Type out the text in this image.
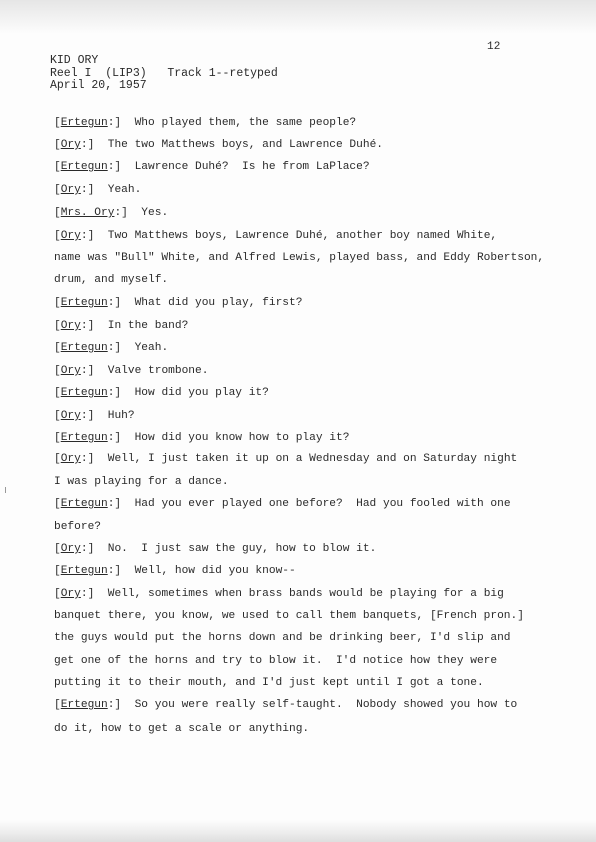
12
KID ORY
Reel I  (LIP3)   Track 1--retyped
April 20, 1957
[Ertegun:]  Who played them, the same people?
[Ory:]  The two Matthews boys, and Lawrence Duhé.
[Ertegun:]  Lawrence Duhé?  Is he from LaPlace?
[Ory:]  Yeah.
[Mrs. Ory:]  Yes.
[Ory:]  Two Matthews boys, Lawrence Duhé, another boy named White,
name was "Bull" White, and Alfred Lewis, played bass, and Eddy Robertson,
drum, and myself.
[Ertegun:]  What did you play, first?
[Ory:]  In the band?
[Ertegun:]  Yeah.
[Ory:]  Valve trombone.
[Ertegun:]  How did you play it?
[Ory:]  Huh?
[Ertegun:]  How did you know how to play it?
[Ory:]  Well, I just taken it up on a Wednesday and on Saturday night
I was playing for a dance.
[Ertegun:]  Had you ever played one before?  Had you fooled with one
before?
[Ory:]  No.  I just saw the guy, how to blow it.
[Ertegun:]  Well, how did you know--
[Ory:]  Well, sometimes when brass bands would be playing for a big
banquet there, you know, we used to call them banquets, [French pron.]
the guys would put the horns down and be drinking beer, I'd slip and
get one of the horns and try to blow it.  I'd notice how they were
putting it to their mouth, and I'd just kept until I got a tone.
[Ertegun:]  So you were really self-taught.  Nobody showed you how to
do it, how to get a scale or anything.
